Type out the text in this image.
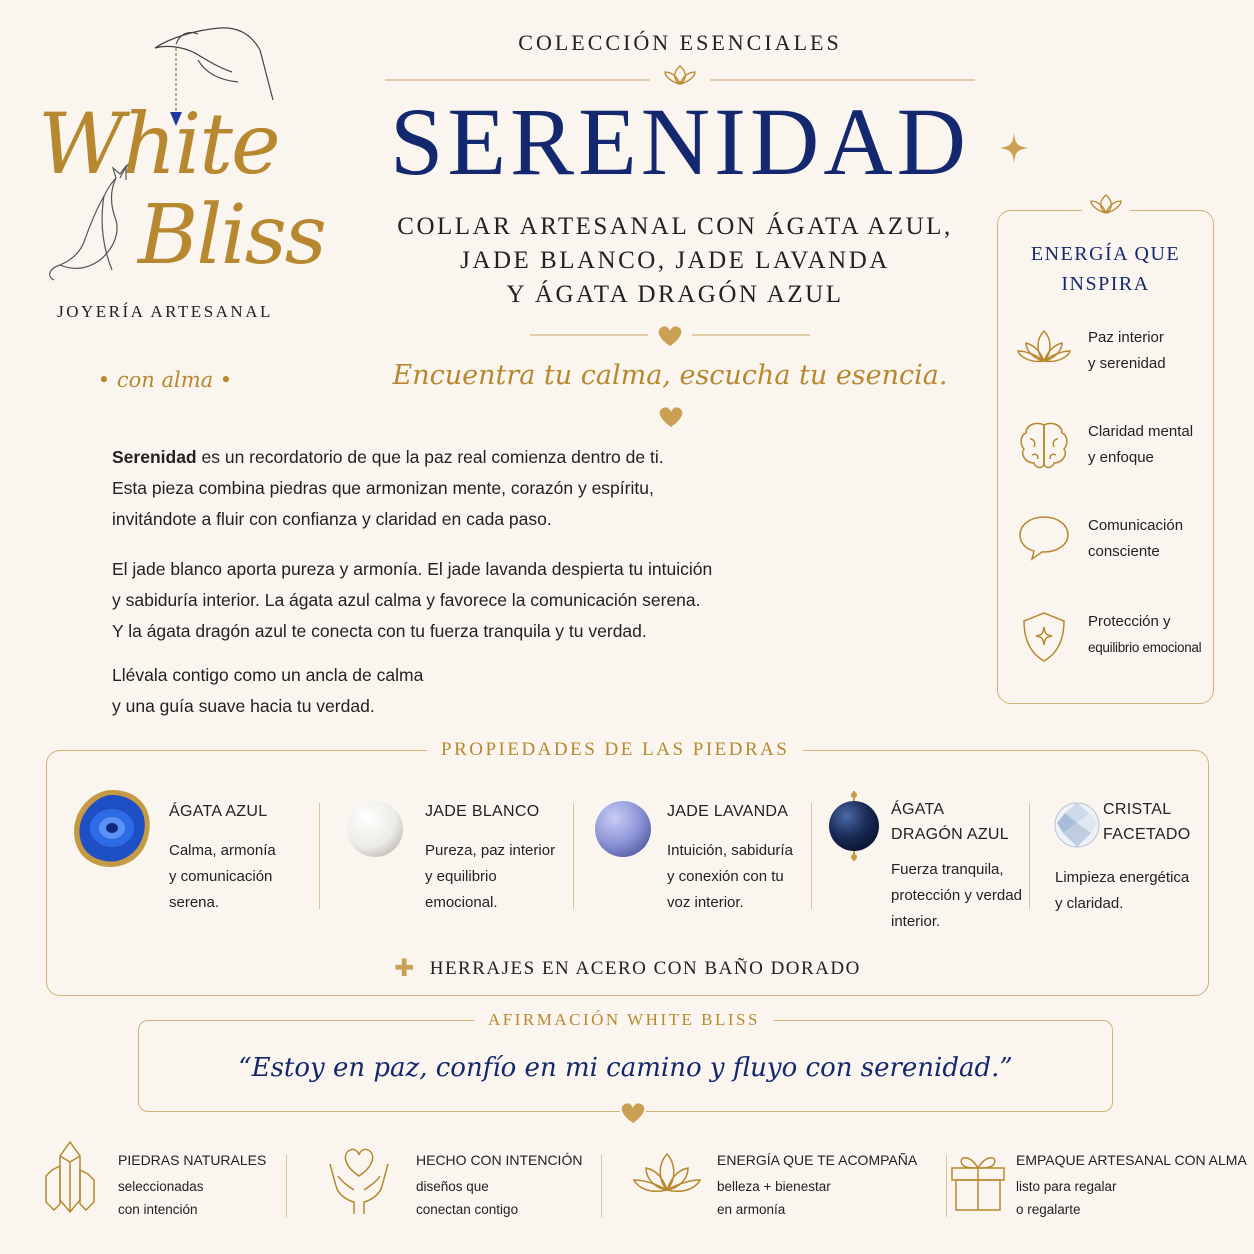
White
Bliss
JOYERÍA ARTESANAL
• con alma •
COLECCIÓN ESENCIALES
SERENIDAD
COLLAR ARTESANAL CON ÁGATA AZUL,
JADE BLANCO, JADE LAVANDA
Y ÁGATA DRAGÓN AZUL
Encuentra tu calma, escucha tu esencia.
Serenidad es un recordatorio de que la paz real comienza dentro de ti.
Esta pieza combina piedras que armonizan mente, corazón y espíritu,
invitándote a fluir con confianza y claridad en cada paso.
El jade blanco aporta pureza y armonía. El jade lavanda despierta tu intuición
y sabiduría interior. La ágata azul calma y favorece la comunicación serena.
Y la ágata dragón azul te conecta con tu fuerza tranquila y tu verdad.
Llévala contigo como un ancla de calma
y una guía suave hacia tu verdad.
ENERGÍA QUE
INSPIRA
Paz interior
y serenidad
Claridad mental
y enfoque
Comunicación
consciente
Protección y
equilibrio emocional
PROPIEDADES DE LAS PIEDRAS
ÁGATA AZUL
Calma, armonía
y comunicación
serena.
JADE BLANCO
Pureza, paz interior
y equilibrio
emocional.
JADE LAVANDA
Intuición, sabiduría
y conexión con tu
voz interior.
ÁGATA
DRAGÓN AZUL
Fuerza tranquila,
protección y verdad
interior.
CRISTAL
FACETADO
Limpieza energética
y claridad.
✚ HERRAJES EN ACERO CON BAÑO DORADO
AFIRMACIÓN WHITE BLISS
“Estoy en paz, confío en mi camino y fluyo con serenidad.”
PIEDRAS NATURALES
seleccionadas
con intención
HECHO CON INTENCIÓN
diseños que
conectan contigo
ENERGÍA QUE TE ACOMPAÑA
belleza + bienestar
en armonía
EMPAQUE ARTESANAL CON ALMA
listo para regalar
o regalarte
